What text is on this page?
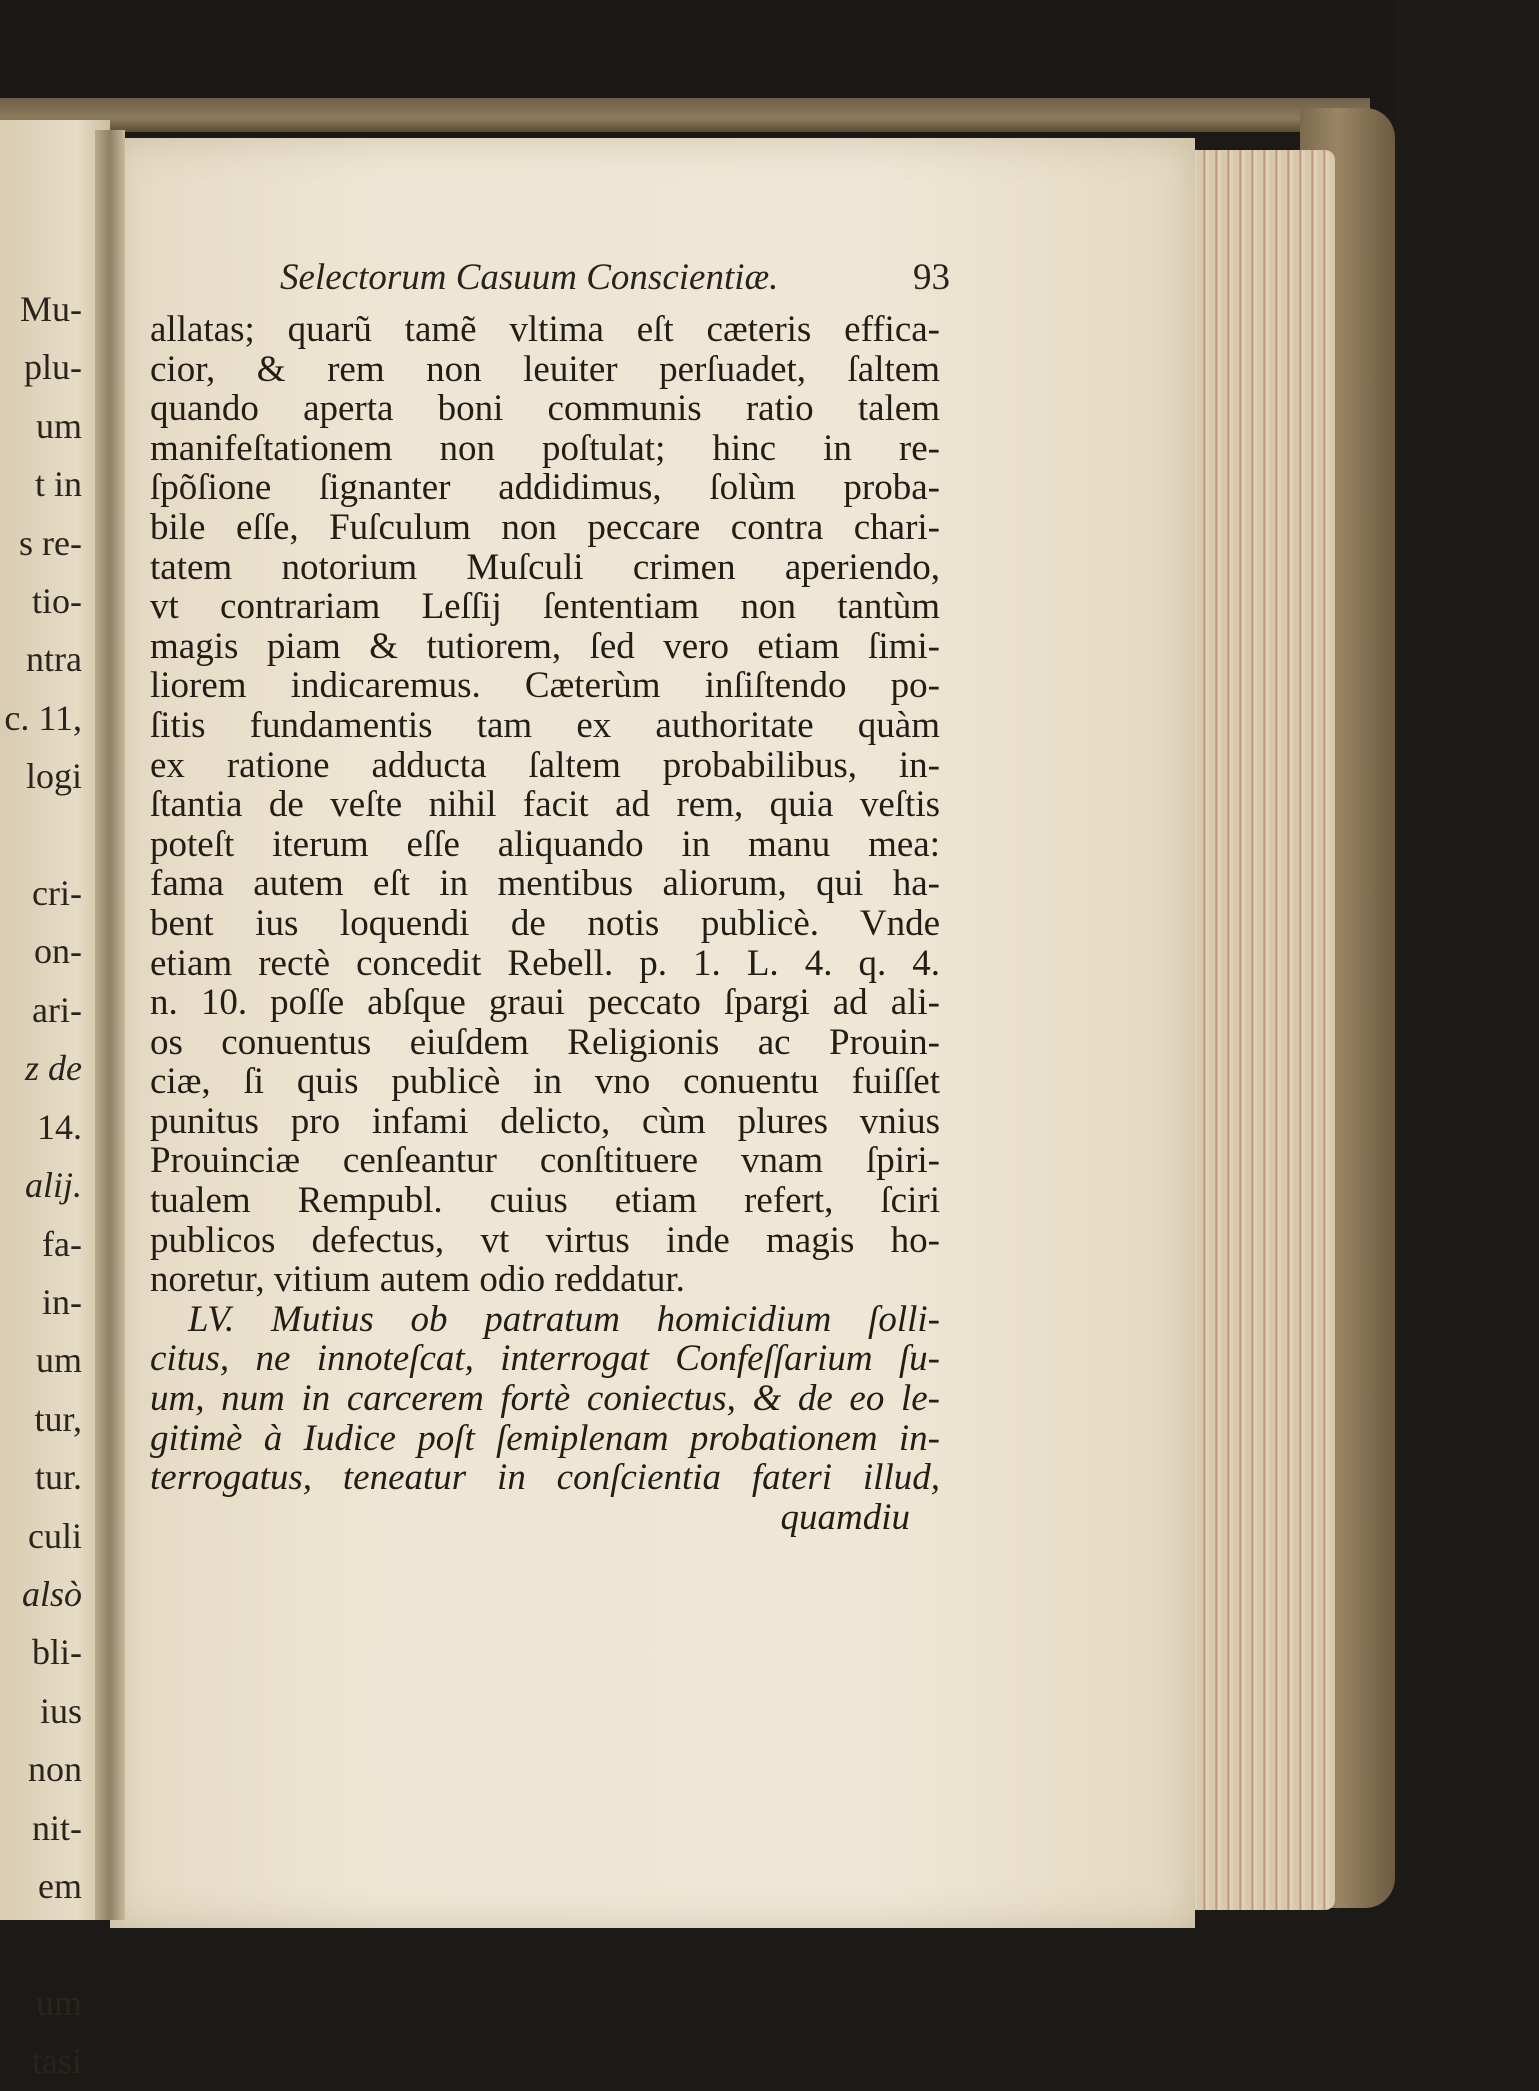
Mu-
plu-
um
t in
s re-
tio-
ntra
c. 11,
logi

cri-
on-
ari-
z de
14.
alij.
fa-
in-
um
tur,
tur.
culi
alsò
bli-
ius
non
nit-
em

um
tasi
Selectorum Casuum Conscientiæ.	93
allatas; quarũ tamẽ vltima eſt cæteris effica-
cior, & rem non leuiter perſuadet, ſaltem
quando aperta boni communis ratio talem
manifeſtationem non poſtulat; hinc in re-
ſpõſione ſignanter addidimus, ſolùm proba-
bile eſſe, Fuſculum non peccare contra chari-
tatem notorium Muſculi crimen aperiendo,
vt contrariam Leſſij ſententiam non tantùm
magis piam & tutiorem, ſed vero etiam ſimi-
liorem indicaremus. Cæterùm inſiſtendo po-
ſitis fundamentis tam ex authoritate quàm
ex ratione adducta ſaltem probabilibus, in-
ſtantia de veſte nihil facit ad rem, quia veſtis
poteſt iterum eſſe aliquando in manu mea:
fama autem eſt in mentibus aliorum, qui ha-
bent ius loquendi de notis publicè. Vnde
etiam rectè concedit Rebell. p. 1. L. 4. q. 4.
n. 10. poſſe abſque graui peccato ſpargi ad ali-
os conuentus eiuſdem Religionis ac Prouin-
ciæ, ſi quis publicè in vno conuentu fuiſſet
punitus pro infami delicto, cùm plures vnius
Prouinciæ cenſeantur conſtituere vnam ſpiri-
tualem Rempubl. cuius etiam refert, ſciri
publicos defectus, vt virtus inde magis ho-
noretur, vitium autem odio reddatur.
LV. Mutius ob patratum homicidium ſolli-
citus, ne innoteſcat, interrogat Confeſſarium ſu-
um, num in carcerem fortè coniectus, & de eo le-
gitimè à Iudice poſt ſemiplenam probationem in-
terrogatus, teneatur in conſcientia fateri illud,
quamdiu
